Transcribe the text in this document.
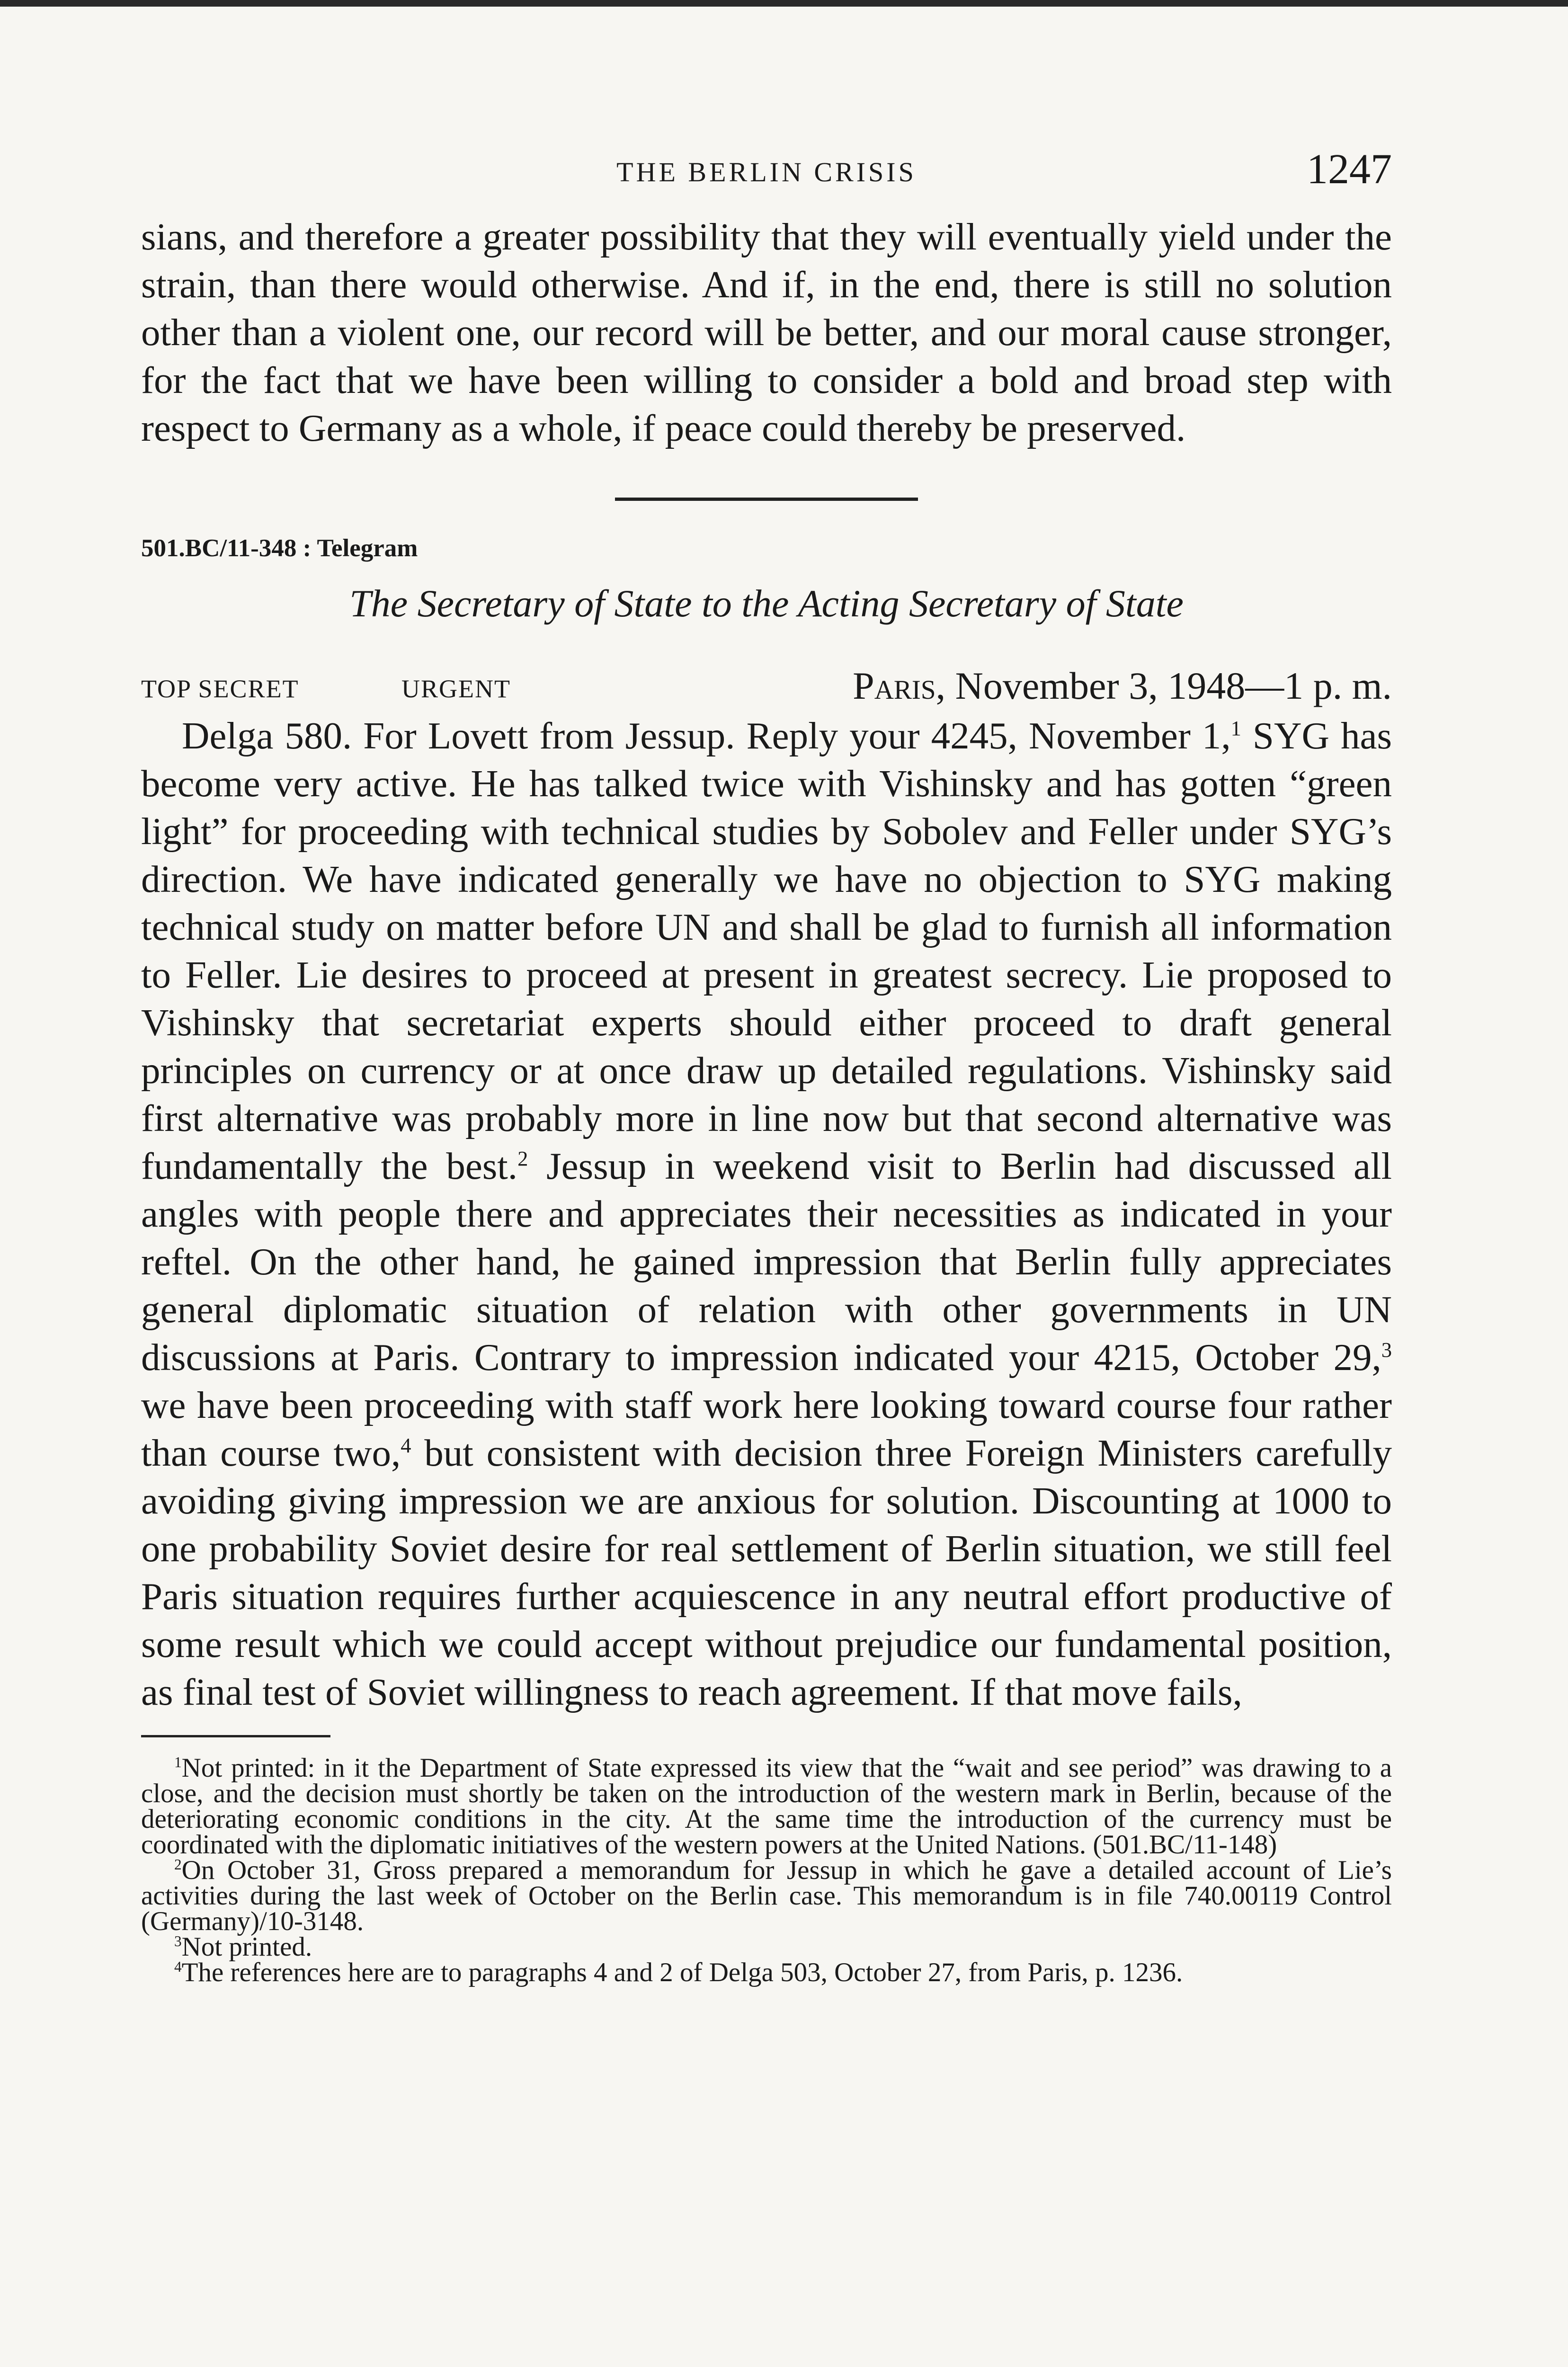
THE BERLIN CRISIS	1247

sians, and therefore a greater possibility that they will eventually yield under the strain, than there would otherwise. And if, in the end, there is still no solution other than a violent one, our record will be better, and our moral cause stronger, for the fact that we have been willing to consider a bold and broad step with respect to Germany as a whole, if peace could thereby be preserved.

501.BC/11-348 : Telegram
The Secretary of State to the Acting Secretary of State
TOP SECRET	URGENT	Paris, November 3, 1948—1 p. m.

Delga 580. For Lovett from Jessup. Reply your 4245, November 1,$^1$ SYG has become very active. He has talked twice with Vishinsky and has gotten “green light” for proceeding with technical studies by Sobolev and Feller under SYG’s direction. We have indicated generally we have no objection to SYG making technical study on matter before UN and shall be glad to furnish all information to Feller. Lie desires to proceed at present in greatest secrecy. Lie proposed to Vishinsky that secretariat experts should either proceed to draft general principles on currency or at once draw up detailed regulations. Vishinsky said first alternative was probably more in line now but that second alternative was fundamentally the best.$^2$ Jessup in weekend visit to Berlin had discussed all angles with people there and appreciates their necessities as indicated in your reftel. On the other hand, he gained impression that Berlin fully appreciates general diplomatic situation of relation with other governments in UN discussions at Paris. Contrary to impression indicated your 4215, October 29,$^3$ we have been proceeding with staff work here looking toward course four rather than course two,$^4$ but consistent with decision three Foreign Ministers carefully avoiding giving impression we are anxious for solution. Discounting at 1000 to one probability Soviet desire for real settlement of Berlin situation, we still feel Paris situation requires further acquiescence in any neutral effort productive of some result which we could accept without prejudice our fundamental position, as final test of Soviet willingness to reach agreement. If that move fails,

$^1$Not printed: in it the Department of State expressed its view that the “wait and see period” was drawing to a close, and the decision must shortly be taken on the introduction of the western mark in Berlin, because of the deteriorating economic conditions in the city. At the same time the introduction of the currency must be coordinated with the diplomatic initiatives of the western powers at the United Nations. (501.BC/11-148)

$^2$On October 31, Gross prepared a memorandum for Jessup in which he gave a detailed account of Lie’s activities during the last week of October on the Berlin case. This memorandum is in file 740.00119 Control (Germany)/10-3148.

$^3$Not printed.

$^4$The references here are to paragraphs 4 and 2 of Delga 503, October 27, from Paris, p. 1236.
